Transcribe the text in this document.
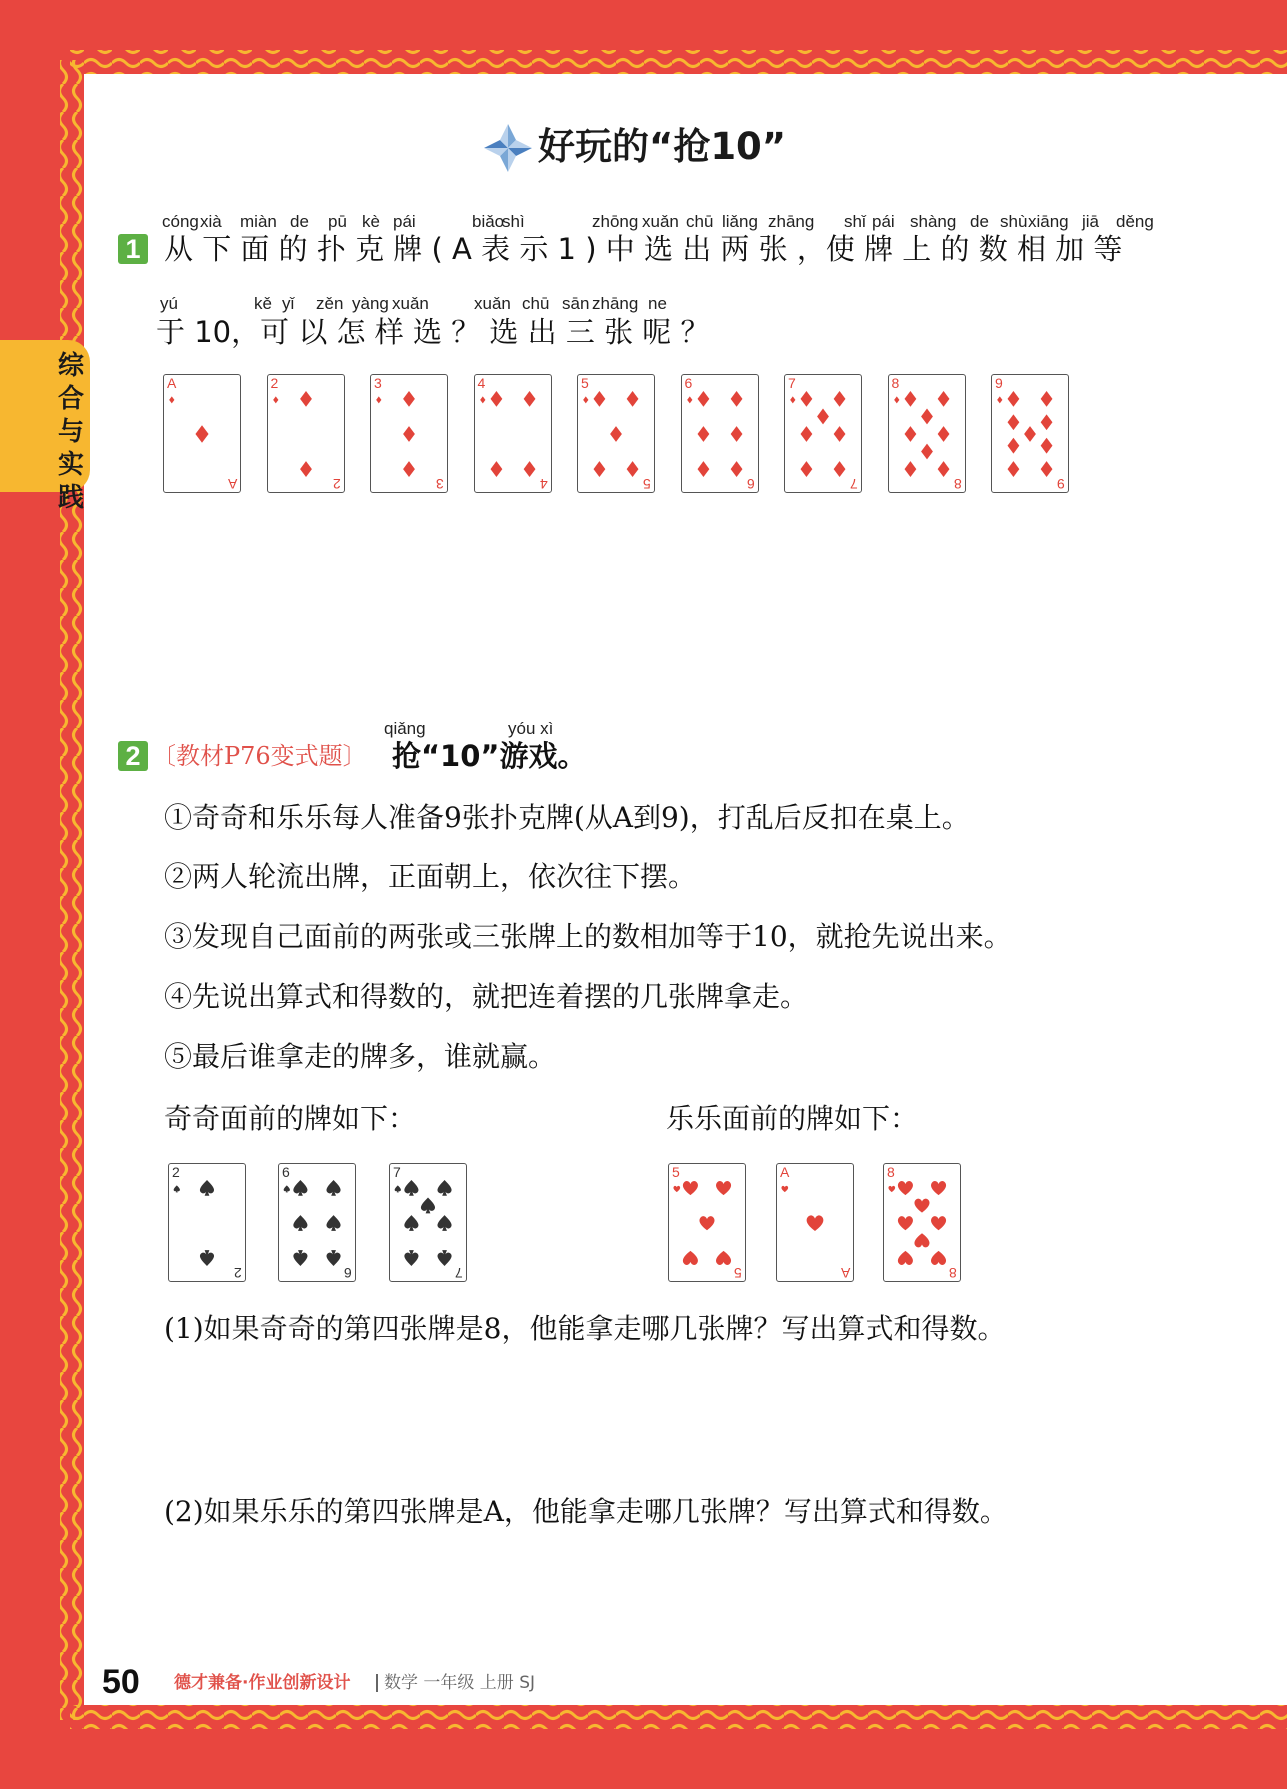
综合与实践
好玩的“抢10”
1
cóng xià miàn de pū kè pái	biǎo
shì	zhōng xuǎn chū liǎng zhāng shǐ pái shàng de shù xiāng jiā děng
从 下 面 的 扑 克 牌 ( A 表 示 1 ) 中 选 出 两 张 ，使 牌 上 的 数 相 加 等
yú	kě yǐ zěn yàng xuǎn	xuǎn chū sān zhāng ne
于 10，可 以 怎 样 选 ？ 选 出 三 张 呢 ？
A
A
2
2
3
3
4
4
5
5
6
6
7
7
8
8
9
9
2 〔教材P76变式题〕
qiǎng	yóu xì
抢“10”游戏。
①奇奇和乐乐每人准备9张扑克牌(从A到9)，打乱后反扣在桌上。
②两人轮流出牌，正面朝上，依次往下摆。
③发现自己面前的两张或三张牌上的数相加等于10，就抢先说出来。
④先说出算式和得数的，就把连着摆的几张牌拿走。
⑤最后谁拿走的牌多，谁就赢。
奇奇面前的牌如下：	乐乐面前的牌如下：
2
2
6
6
7
7
5
5
A
A
8
8
(1)如果奇奇的第四张牌是8，他能拿走哪几张牌？写出算式和得数。
(2)如果乐乐的第四张牌是A，他能拿走哪几张牌？写出算式和得数。
50 德才兼备·作业创新设计 数学 一年级 上册 SJ
